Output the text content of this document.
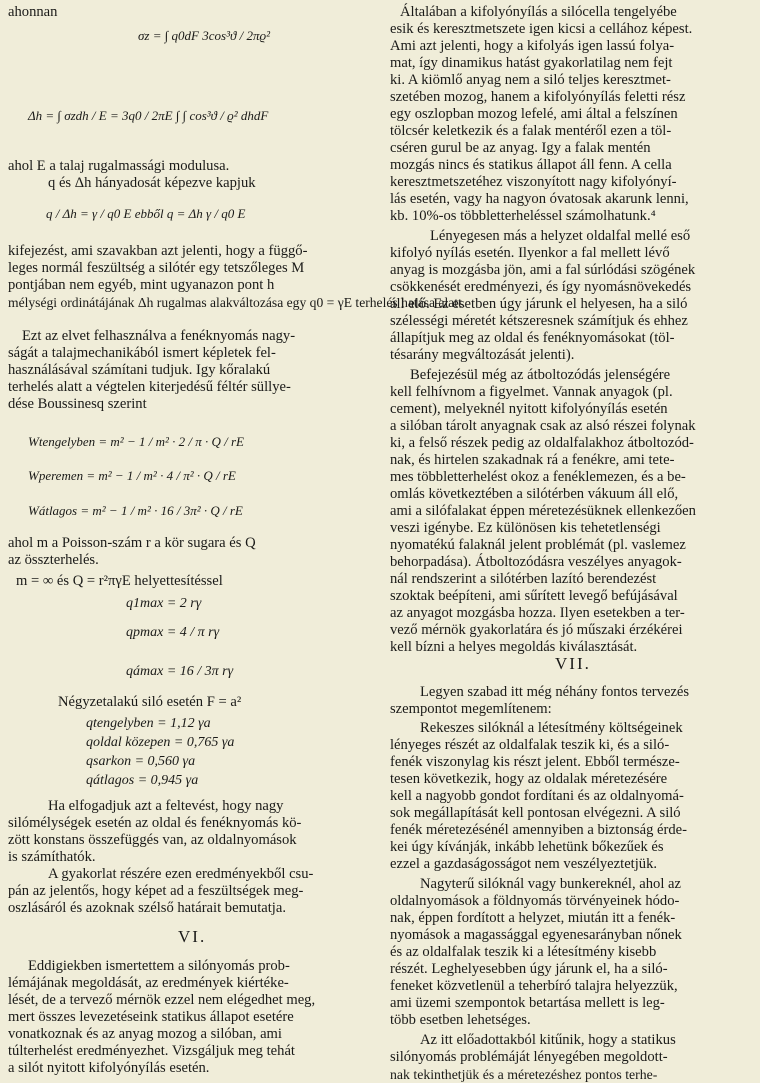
ahonnan
σz = ∫ q0dF 3cos³ϑ / 2πϱ²
Δh = ∫ σzdh / E = 3q0 / 2πE ∫ ∫ cos³ϑ / ϱ² dhdF
ahol E a talaj rugalmassági modulusa.
q és Δh hányadosát képezve kapjuk
q / Δh = γ / q0 E ebből q = Δh γ / q0 E
kifejezést, ami szavakban azt jelenti, hogy a függő-
leges normál feszültség a silótér egy tetszőleges M
pontjában nem egyéb, mint ugyanazon pont h
mélységi ordinátájának Δh rugalmas alakváltozása egy q0 = γE terhelés hatása alatt.
Ezt az elvet felhasználva a fenéknyomás nagy-
ságát a talajmechanikából ismert képletek fel-
használásával számítani tudjuk. Igy kőralakú
terhelés alatt a végtelen kiterjedésű féltér süllye-
dése Boussinesq szerint
Wtengelyben = m² − 1 / m² · 2 / π · Q / rE
Wperemen = m² − 1 / m² · 4 / π² · Q / rE
Wátlagos = m² − 1 / m² · 16 / 3π² · Q / rE
ahol m a Poisson-szám r a kör sugara és Q
az összterhelés.
m = ∞ és Q = r²πγE helyettesítéssel
q1max = 2 rγ
qpmax = 4 / π rγ
qámax = 16 / 3π rγ
Négyzetalakú siló esetén F = a²
qtengelyben = 1,12 γa
qoldal közepen = 0,765 γa
qsarkon = 0,560 γa
qátlagos = 0,945 γa
Ha elfogadjuk azt a feltevést, hogy nagy
silómélységek esetén az oldal és fenéknyomás kö-
zött konstans összefüggés van, az oldalnyomások
is számíthatók.
A gyakorlat részére ezen eredményekből csu-
pán az jelentős, hogy képet ad a feszültségek meg-
oszlásáról és azoknak szélső határait bemutatja.
VI.
Eddigiekben ismertettem a silónyomás prob-
lémájának megoldását, az eredmények kiértéke-
lését, de a tervező mérnök ezzel nem elégedhet meg,
mert összes levezetéseink statikus állapot esetére
vonatkoznak és az anyag mozog a silóban, ami
túlterhelést eredményezhet. Vizsgáljuk meg tehát
a silót nyitott kifolyónyílás esetén.
Általában a kifolyónyílás a silócella tengelyébe
esik és keresztmetszete igen kicsi a cellához képest.
Ami azt jelenti, hogy a kifolyás igen lassú folya-
mat, így dinamikus hatást gyakorlatilag nem fejt
ki. A kiömlő anyag nem a siló teljes keresztmet-
szetében mozog, hanem a kifolyónyílás feletti rész
egy oszlopban mozog lefelé, ami által a felszínen
tölcsér keletkezik és a falak mentéről ezen a töl-
cséren gurul be az anyag. Igy a falak mentén
mozgás nincs és statikus állapot áll fenn. A cella
keresztmetszetéhez viszonyított nagy kifolyónyí-
lás esetén, vagy ha nagyon óvatosak akarunk lenni,
kb. 10%-os többletterheléssel számolhatunk.⁴
Lényegesen más a helyzet oldalfal mellé eső
kifolyó nyílás esetén. Ilyenkor a fal mellett lévő
anyag is mozgásba jön, ami a fal súrlódási szögének
csökkenését eredményezi, és így nyomásnövekedés
áll elő. Ez esetben úgy járunk el helyesen, ha a siló
szélességi méretét kétszeresnek számítjuk és ehhez
állapítjuk meg az oldal és fenéknyomásokat (töl-
tésarány megváltozását jelenti).
Befejezésül még az átboltozódás jelenségére
kell felhívnom a figyelmet. Vannak anyagok (pl.
cement), melyeknél nyitott kifolyónyílás esetén
a silóban tárolt anyagnak csak az alsó részei folynak
ki, a felső részek pedig az oldalfalakhoz átboltozód-
nak, és hirtelen szakadnak rá a fenékre, ami tete-
mes többletterhelést okoz a fenéklemezen, és a be-
omlás következtében a silótérben vákuum áll elő,
ami a silófalakat éppen méretezésüknek ellenkezően
veszi igénybe. Ez különösen kis tehetetlenségi
nyomatékú falaknál jelent problémát (pl. vaslemez
behorpadása). Átboltozódásra veszélyes anyagok-
nál rendszerint a silótérben lazító berendezést
szoktak beépíteni, ami sűrített levegő befújásával
az anyagot mozgásba hozza. Ilyen esetekben a ter-
vező mérnök gyakorlatára és jó műszaki érzékérei
kell bízni a helyes megoldás kiválasztását.
VII.
Legyen szabad itt még néhány fontos tervezés
szempontot megemlítenem:
Rekeszes silóknál a létesítmény költségeinek
lényeges részét az oldalfalak teszik ki, és a siló-
fenék viszonylag kis részt jelent. Ebből természe-
tesen következik, hogy az oldalak méretezésére
kell a nagyobb gondot fordítani és az oldalnyomá-
sok megállapítását kell pontosan elvégezni. A siló
fenék méretezésénél amennyiben a biztonság érde-
kei úgy kívánják, inkább lehetünk bőkezűek és
ezzel a gazdaságosságot nem veszélyeztetjük.
Nagyterű silóknál vagy bunkereknél, ahol az
oldalnyomások a földnyomás törvényeinek hódo-
nak, éppen fordított a helyzet, miután itt a fenék-
nyomások a magassággal egyenesarányban nőnek
és az oldalfalak teszik ki a létesítmény kisebb
részét. Leghelyesebben úgy járunk el, ha a siló-
feneket közvetlenül a teherbíró talajra helyezzük,
ami üzemi szempontok betartása mellett is leg-
több esetben lehetséges.
Az itt előadottakból kitűnik, hogy a statikus
silónyomás problémáját lényegében megoldott-
nak tekinthetjük és a méretezéshez pontos terhe-
